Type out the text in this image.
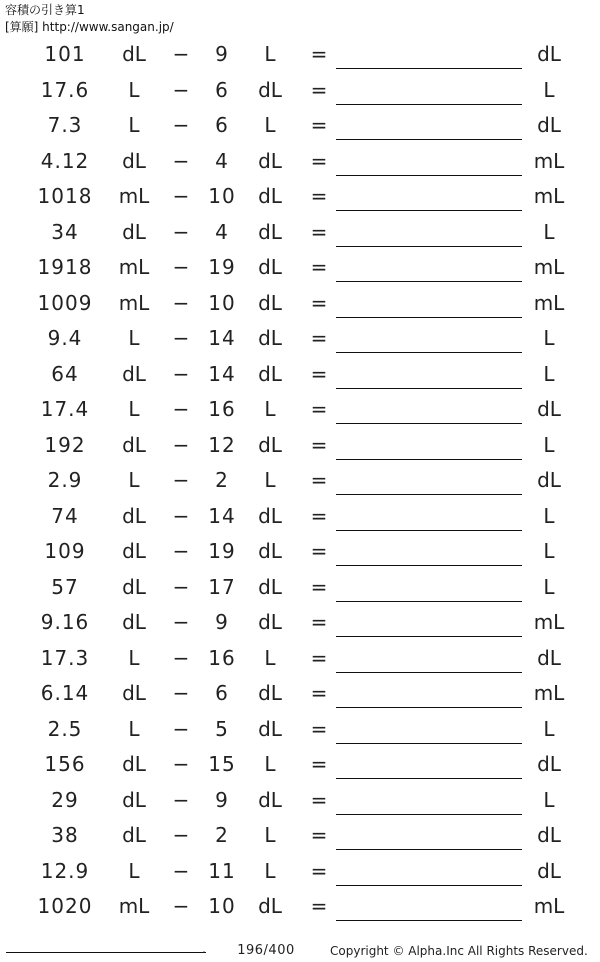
容積の引き算1
[算願] http://www.sangan.jp/
101	dL	−	9	L	=	dL
17.6	L	−	6	dL	=	L
7.3	L	−	6	L	=	dL
4.12	dL	−	4	dL	=	mL
1018	mL	− 10	dL	=	mL
34	dL	−	4	dL	=	L
1918	mL	− 19	dL	=	mL
1009	mL	− 10	dL	=	mL
9.4	L	− 14	dL	=	L
64	dL	− 14	dL	=	L
17.4	L	− 16	L	=	dL
192	dL	− 12	dL	=	L
2.9	L	−	2	L	=	dL
74	dL	− 14	dL	=	L
109	dL	− 19	dL	=	L
57	dL	− 17	dL	=	L
9.16	dL	−	9	dL	=	mL
17.3	L	− 16	L	=	dL
6.14	dL	−	6	dL	=	mL
2.5	L	−	5	dL	=	L
156	dL	− 15	L	=	dL
29	dL	−	9	dL	=	L
38	dL	−	2	L	=	dL
12.9	L	− 11	L	=	dL
1020	mL	− 10	dL	=	mL
.	196/400	Copyright © Alpha.Inc All Rights Reserved.
